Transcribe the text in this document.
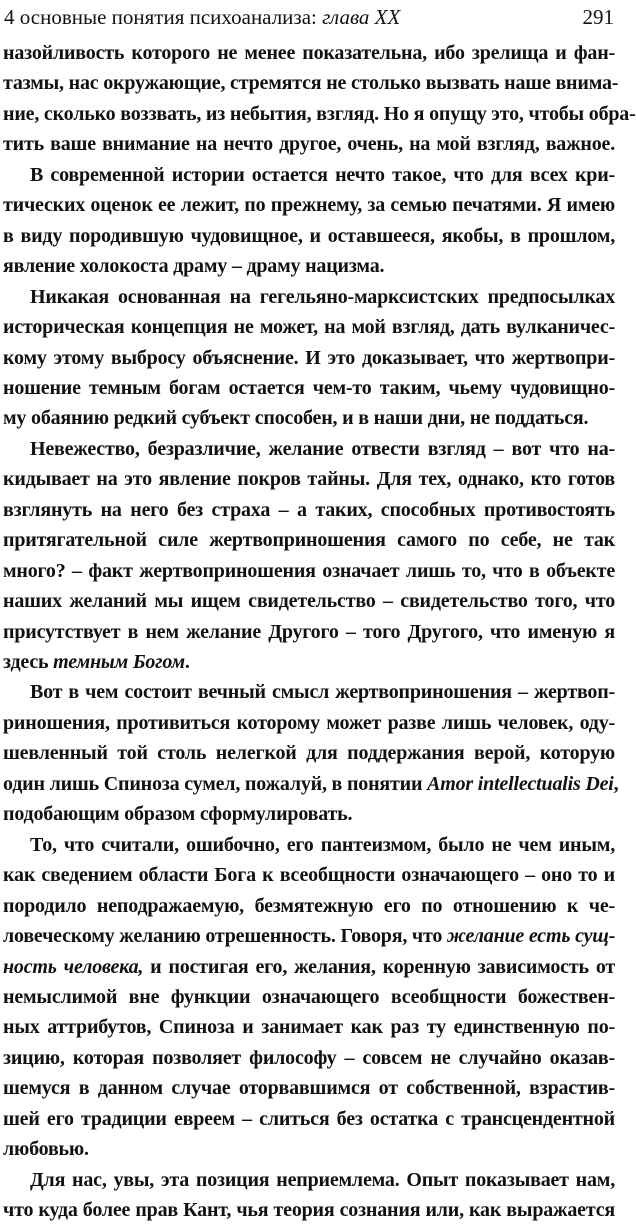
4 основные понятия психоанализа: глава XX	291
назойливость которого не менее показательна, ибо зрелища и фан-
тазмы, нас окружающие, стремятся не столько вызвать наше внима-
ние, сколько воззвать, из небытия, взгляд. Но я опущу это, чтобы обра-
тить ваше внимание на нечто другое, очень, на мой взгляд, важное.
В современной истории остается нечто такое, что для всех кри-
тических оценок ее лежит, по прежнему, за семью печатями. Я имею
в виду породившую чудовищное, и оставшееся, якобы, в прошлом,
явление холокоста драму – драму нацизма.
Никакая основанная на гегельяно-марксистских предпосылках
историческая концепция не может, на мой взгляд, дать вулканичес-
кому этому выбросу объяснение. И это доказывает, что жертвопри-
ношение темным богам остается чем-то таким, чьему чудовищно-
му обаянию редкий субъект способен, и в наши дни, не поддаться.
Невежество, безразличие, желание отвести взгляд – вот что на-
кидывает на это явление покров тайны. Для тех, однако, кто готов
взглянуть на него без страха – а таких, способных противостоять
притягательной силе жертвоприношения самого по себе, не так
много? – факт жертвоприношения означает лишь то, что в объекте
наших желаний мы ищем свидетельство – свидетельство того, что
присутствует в нем желание Другого – того Другого, что именую я
здесь темным Богом.
Вот в чем состоит вечный смысл жертвоприношения – жертвоп-
риношения, противиться которому может разве лишь человек, оду-
шевленный той столь нелегкой для поддержания верой, которую
один лишь Спиноза сумел, пожалуй, в понятии Amor intellectualis Dei,
подобающим образом сформулировать.
То, что считали, ошибочно, его пантеизмом, было не чем иным,
как сведением области Бога к всеобщности означающего – оно то и
породило неподражаемую, безмятежную его по отношению к че-
ловеческому желанию отрешенность. Говоря, что желание есть сущ-
ность человека, и постигая его, желания, коренную зависимость от
немыслимой вне функции означающего всеобщности божествен-
ных аттрибутов, Спиноза и занимает как раз ту единственную по-
зицию, которая позволяет философу – совсем не случайно оказав-
шемуся в данном случае оторвавшимся от собственной, взрастив-
шей его традиции евреем – слиться без остатка с трансцендентной
любовью.
Для нас, увы, эта позиция неприемлема. Опыт показывает нам,
что куда более прав Кант, чья теория сознания или, как выражается
